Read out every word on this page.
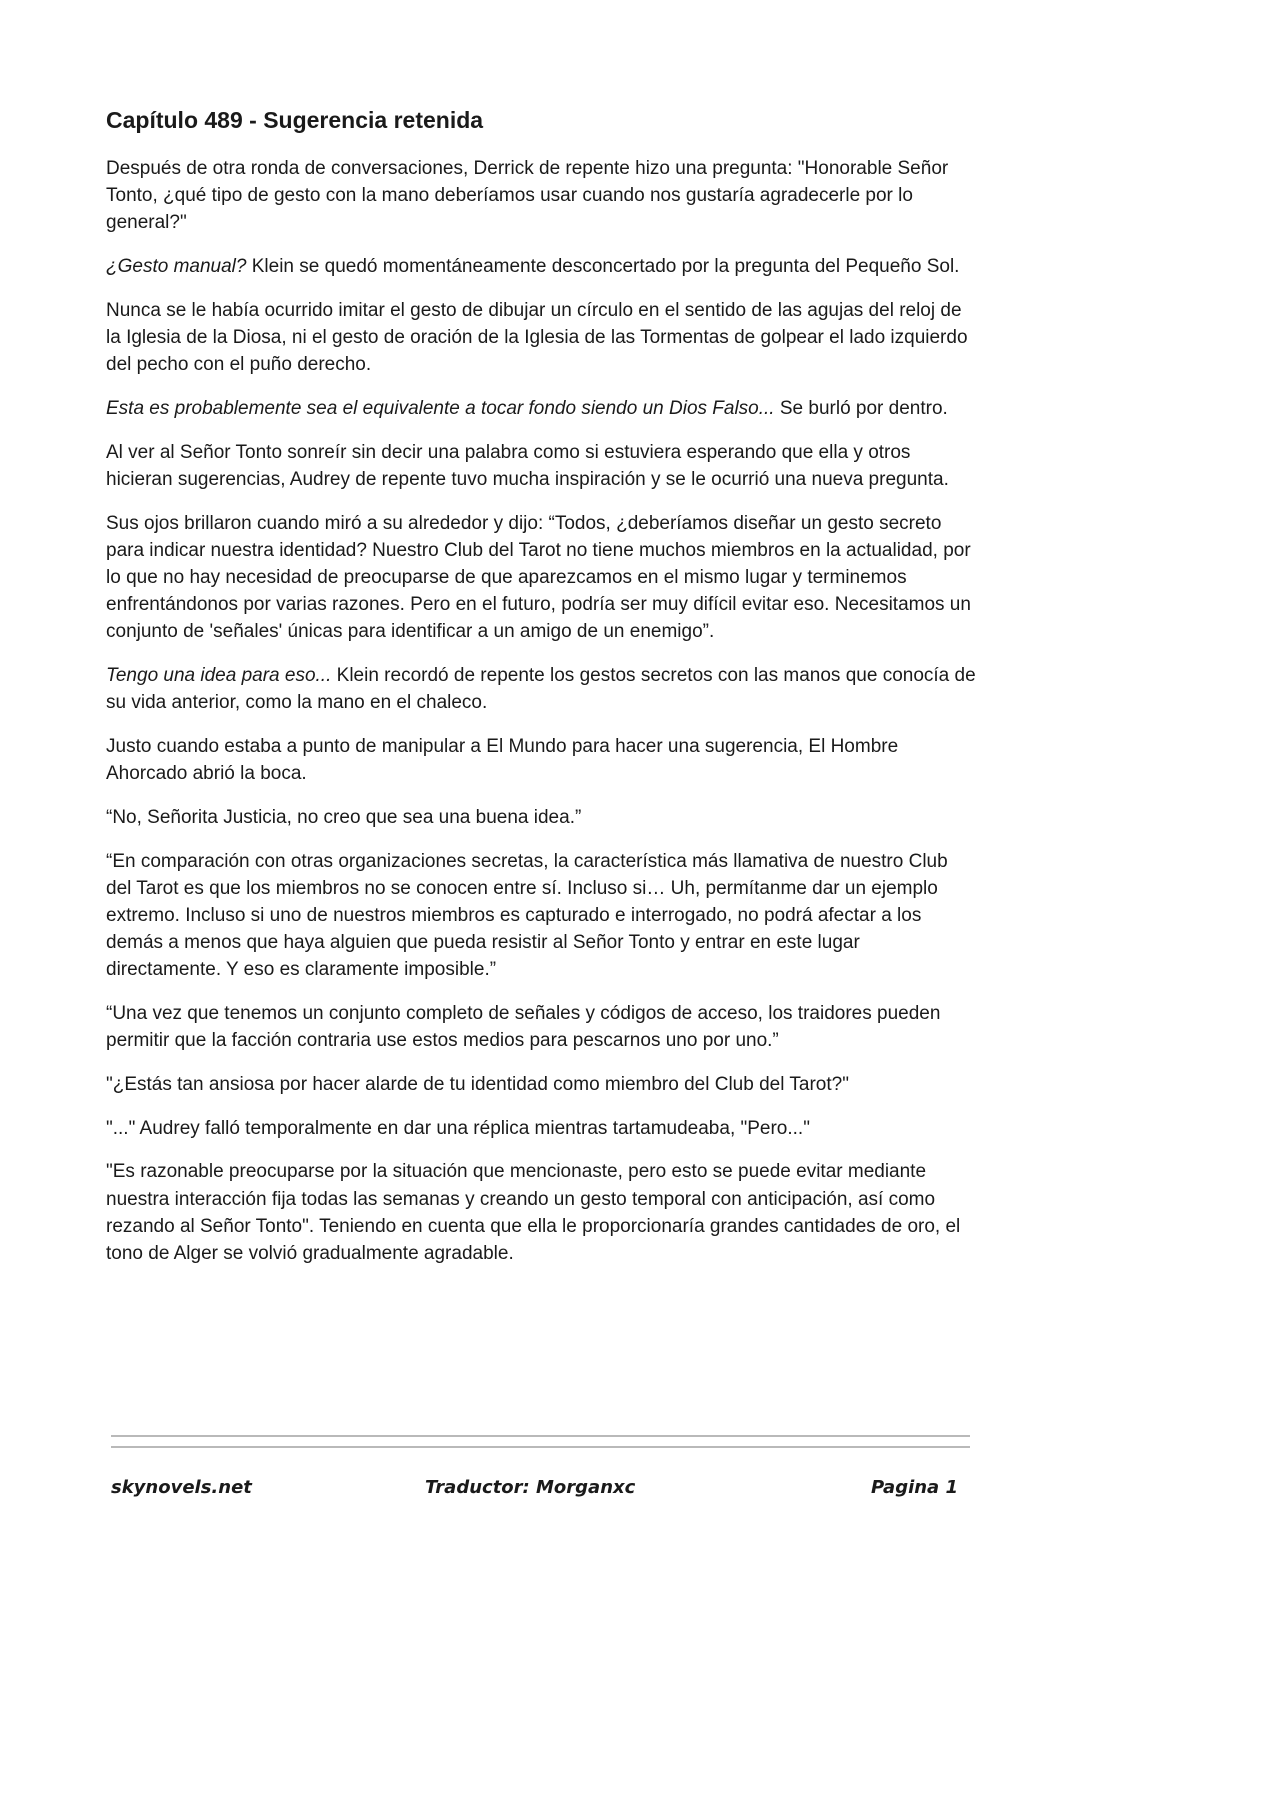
Capítulo 489 - Sugerencia retenida

Después de otra ronda de conversaciones, Derrick de repente hizo una pregunta: "Honorable Señor Tonto, ¿qué tipo de gesto con la mano deberíamos usar cuando nos gustaría agradecerle por lo general?"

¿Gesto manual? Klein se quedó momentáneamente desconcertado por la pregunta del Pequeño Sol.

Nunca se le había ocurrido imitar el gesto de dibujar un círculo en el sentido de las agujas del reloj de la Iglesia de la Diosa, ni el gesto de oración de la Iglesia de las Tormentas de golpear el lado izquierdo del pecho con el puño derecho.

Esta es probablemente sea el equivalente a tocar fondo siendo un Dios Falso... Se burló por dentro.

Al ver al Señor Tonto sonreír sin decir una palabra como si estuviera esperando que ella y otros hicieran sugerencias, Audrey de repente tuvo mucha inspiración y se le ocurrió una nueva pregunta.

Sus ojos brillaron cuando miró a su alrededor y dijo: “Todos, ¿deberíamos diseñar un gesto secreto para indicar nuestra identidad? Nuestro Club del Tarot no tiene muchos miembros en la actualidad, por lo que no hay necesidad de preocuparse de que aparezcamos en el mismo lugar y terminemos enfrentándonos por varias razones. Pero en el futuro, podría ser muy difícil evitar eso. Necesitamos un conjunto de 'señales' únicas para identificar a un amigo de un enemigo”.

Tengo una idea para eso... Klein recordó de repente los gestos secretos con las manos que conocía de su vida anterior, como la mano en el chaleco.

Justo cuando estaba a punto de manipular a El Mundo para hacer una sugerencia, El Hombre Ahorcado abrió la boca.

“No, Señorita Justicia, no creo que sea una buena idea.”

“En comparación con otras organizaciones secretas, la característica más llamativa de nuestro Club del Tarot es que los miembros no se conocen entre sí. Incluso si… Uh, permítanme dar un ejemplo extremo. Incluso si uno de nuestros miembros es capturado e interrogado, no podrá afectar a los demás a menos que haya alguien que pueda resistir al Señor Tonto y entrar en este lugar directamente. Y eso es claramente imposible.”

“Una vez que tenemos un conjunto completo de señales y códigos de acceso, los traidores pueden permitir que la facción contraria use estos medios para pescarnos uno por uno.”

"¿Estás tan ansiosa por hacer alarde de tu identidad como miembro del Club del Tarot?"

"..." Audrey falló temporalmente en dar una réplica mientras tartamudeaba, "Pero..."

"Es razonable preocuparse por la situación que mencionaste, pero esto se puede evitar mediante nuestra interacción fija todas las semanas y creando un gesto temporal con anticipación, así como rezando al Señor Tonto". Teniendo en cuenta que ella le proporcionaría grandes cantidades de oro, el tono de Alger se volvió gradualmente agradable.

skynovels.net	Traductor: Morganxc	Pagina 1
